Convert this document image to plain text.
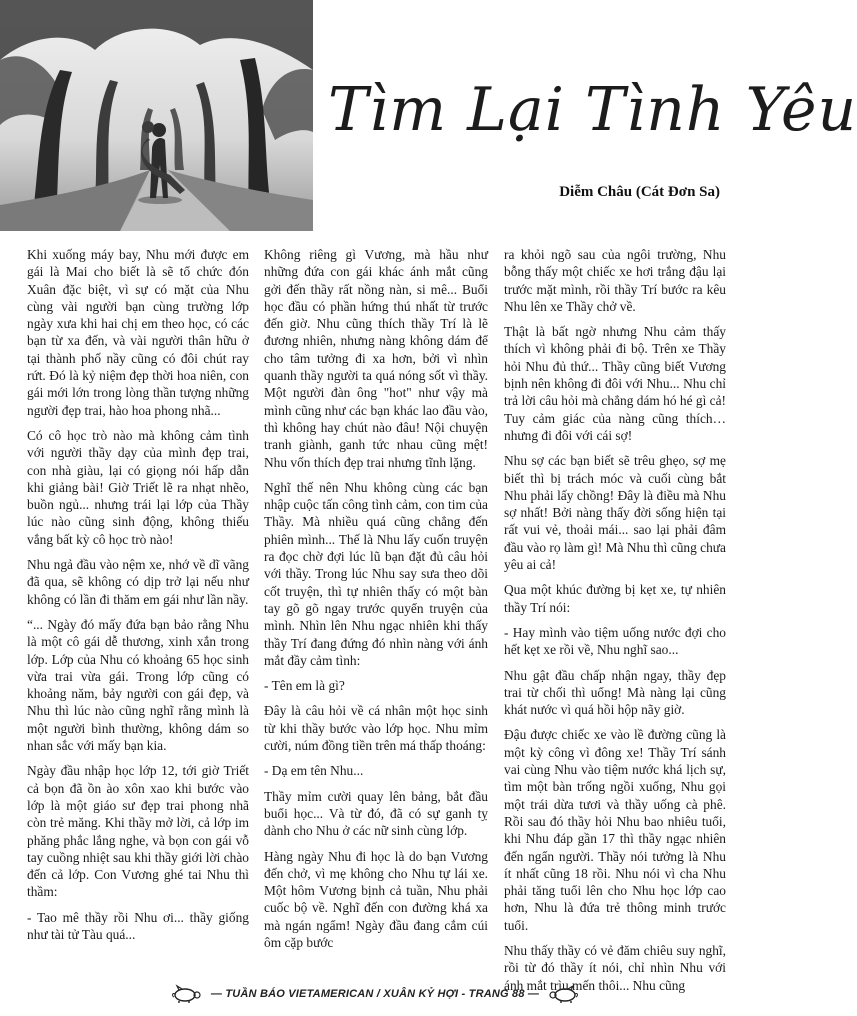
Tìm Lại Tình Yêu
Diễm Châu (Cát Đơn Sa)

Khi xuống máy bay, Nhu mới được em gái là Mai cho biết là sẽ tổ chức đón Xuân đặc biệt, vì sự có mặt của Nhu cùng vài người bạn cùng trường lớp ngày xưa khi hai chị em theo học, có các bạn từ xa đến, và vài người thân hữu ở tại thành phố nầy cũng có đôi chút ray rứt. Đó là kỷ niệm đẹp thời hoa niên, con gái mới lớn trong lòng thần tượng những người đẹp trai, hào hoa phong nhã...

Có cô học trò nào mà không cảm tình với người thầy dạy của mình đẹp trai, con nhà giàu, lại có giọng nói hấp dẫn khi giảng bài! Giờ Triết lẽ ra nhạt nhẽo, buồn ngủ... nhưng trái lại lớp của Thầy lúc nào cũng sinh động, không thiếu vắng bất kỳ cô học trò nào!

Nhu ngả đầu vào nệm xe, nhớ về dĩ vãng đã qua, sẽ không có dịp trở lại nếu như không có lần đi thăm em gái như lần nầy.

“... Ngày đó mấy đứa bạn bảo rằng Nhu là một cô gái dễ thương, xinh xắn trong lớp. Lớp của Nhu có khoảng 65 học sinh vừa trai vừa gái. Trong lớp cũng có khoảng năm, bảy người con gái đẹp, và Nhu thì lúc nào cũng nghĩ rằng mình là một người bình thường, không dám so nhan sắc với mấy bạn kia.

Ngày đầu nhập học lớp 12, tới giờ Triết cả bọn đã ồn ào xôn xao khi bước vào lớp là một giáo sư đẹp trai phong nhã còn trẻ măng. Khi thầy mở lời, cả lớp im phăng phắc lắng nghe, và bọn con gái vỗ tay cuồng nhiệt sau khi thầy giới lời chào đến cả lớp. Con Vương ghé tai Nhu thì thầm:

- Tao mê thầy rồi Nhu ơi... thầy giống như tài tử Tàu quá...

Không riêng gì Vương, mà hầu như những đứa con gái khác ánh mắt cũng gởi đến thầy rất nồng nàn, si mê... Buổi học đầu có phần hứng thú nhất từ trước đến giờ. Nhu cũng thích thầy Trí là lẽ đương nhiên, nhưng nàng không dám để cho tâm tưởng đi xa hơn, bởi vì nhìn quanh thầy người ta quá nóng sốt vì thầy. Một người đàn ông "hot" như vậy mà mình cũng như các bạn khác lao đầu vào, thì không hay chút nào đâu! Nội chuyện tranh giành, ganh tức nhau cũng mệt! Nhu vốn thích đẹp trai nhưng tĩnh lặng.

Nghĩ thế nên Nhu không cùng các bạn nhập cuộc tấn công tình cảm, con tim của Thầy. Mà nhiều quá cũng chẳng đến phiên mình... Thế là Nhu lấy cuốn truyện ra đọc chờ đợi lúc lũ bạn đặt đủ câu hỏi với thầy. Trong lúc Nhu say sưa theo dõi cốt truyện, thì tự nhiên thấy có một bàn tay gõ gõ ngay trước quyển truyện của mình. Nhìn lên Nhu ngạc nhiên khi thấy thầy Trí đang đứng đó nhìn nàng với ánh mắt đầy cảm tình:

- Tên em là gì?

Đây là câu hỏi về cá nhân một học sinh từ khi thầy bước vào lớp học. Nhu mỉm cười, núm đồng tiền trên má thấp thoáng:

- Dạ em tên Nhu...

Thầy mỉm cười quay lên bảng, bắt đầu buổi học... Và từ đó, đã có sự ganh tỵ dành cho Nhu ở các nữ sinh cùng lớp.

Hàng ngày Nhu đi học là do bạn Vương đến chở, vì mẹ không cho Nhu tự lái xe. Một hôm Vương bịnh cả tuần, Nhu phải cuốc bộ về. Nghĩ đến con đường khá xa mà ngán ngẩm! Ngày đầu đang cắm cúi ôm cặp bước

ra khỏi ngõ sau của ngôi trường, Nhu bỗng thấy một chiếc xe hơi trắng đậu lại trước mặt mình, rồi thầy Trí bước ra kêu Nhu lên xe Thầy chở về.

Thật là bất ngờ nhưng Nhu cảm thấy thích vì không phải đi bộ. Trên xe Thầy hỏi Nhu đủ thứ... Thầy cũng biết Vương bịnh nên không đi đôi với Nhu... Nhu chỉ trả lời câu hỏi mà chẳng dám hó hé gì cả! Tuy cảm giác của nàng cũng thích… nhưng đi đôi với cái sợ!

Nhu sợ các bạn biết sẽ trêu ghẹo, sợ mẹ biết thì bị trách móc và cuối cùng bắt Nhu phải lấy chồng! Đây là điều mà Nhu sợ nhất! Bởi nàng thấy đời sống hiện tại rất vui vẻ, thoải mái... sao lại phải đâm đầu vào rọ làm gì! Mà Nhu thì cũng chưa yêu ai cả!

Qua một khúc đường bị kẹt xe, tự nhiên thầy Trí nói:

- Hay mình vào tiệm uống nước đợi cho hết kẹt xe rồi về, Nhu nghĩ sao...

Nhu gật đầu chấp nhận ngay, thầy đẹp trai từ chối thì uổng! Mà nàng lại cũng khát nước vì quá hồi hộp nãy giờ.

Đậu được chiếc xe vào lề đường cũng là một kỳ công vì đông xe! Thầy Trí sánh vai cùng Nhu vào tiệm nước khá lịch sự, tìm một bàn trống ngồi xuống, Nhu gọi một trái dừa tươi và thầy uống cà phê. Rồi sau đó thầy hỏi Nhu bao nhiêu tuổi, khi Nhu đáp gần 17 thì thầy ngạc nhiên đến ngẩn người. Thầy nói tưởng là Nhu ít nhất cũng 18 rồi. Nhu nói vì cha Nhu phải tăng tuổi lên cho Nhu học lớp cao hơn, Nhu là đứa trẻ thông minh trước tuổi.

Nhu thấy thầy có vẻ đăm chiêu suy nghĩ, rồi từ đó thầy ít nói, chỉ nhìn Nhu với ánh mắt trìu mến thôi... Nhu cũng

— TUẦN BÁO VIETAMERICAN / XUÂN KỶ HỢI - TRANG 88 —
